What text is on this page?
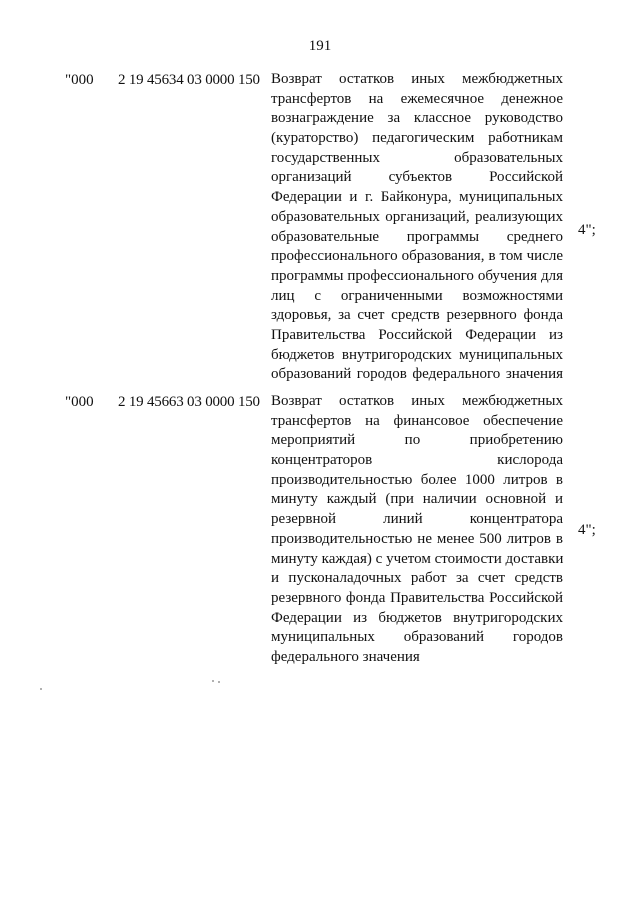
191
"000 2 19 45634 03 0000 150 Возврат остатков иных межбюджетных
трансфертов на ежемесячное денежное
вознаграждение за классное руководство
(кураторство) педагогическим работникам
государственных образовательных
организаций субъектов Российской
Федерации и г. Байконура, муниципальных
образовательных организаций, реализующих
образовательные программы среднего
профессионального образования, в том числе
программы профессионального обучения для
лиц с ограниченными возможностями
здоровья, за счет средств резервного фонда
Правительства Российской Федерации из
бюджетов внутригородских муниципальных
образований городов федерального значения
4";
"000 2 19 45663 03 0000 150 Возврат остатков иных межбюджетных
трансфертов на финансовое обеспечение
мероприятий по приобретению
концентраторов кислорода
производительностью более 1000 литров в
минуту каждый (при наличии основной и
резервной линий концентратора
производительностью не менее 500 литров в
минуту каждая) с учетом стоимости доставки
и пусконаладочных работ за счет средств
резервного фонда Правительства Российской
Федерации из бюджетов внутригородских
муниципальных образований городов
федерального значения
4";
